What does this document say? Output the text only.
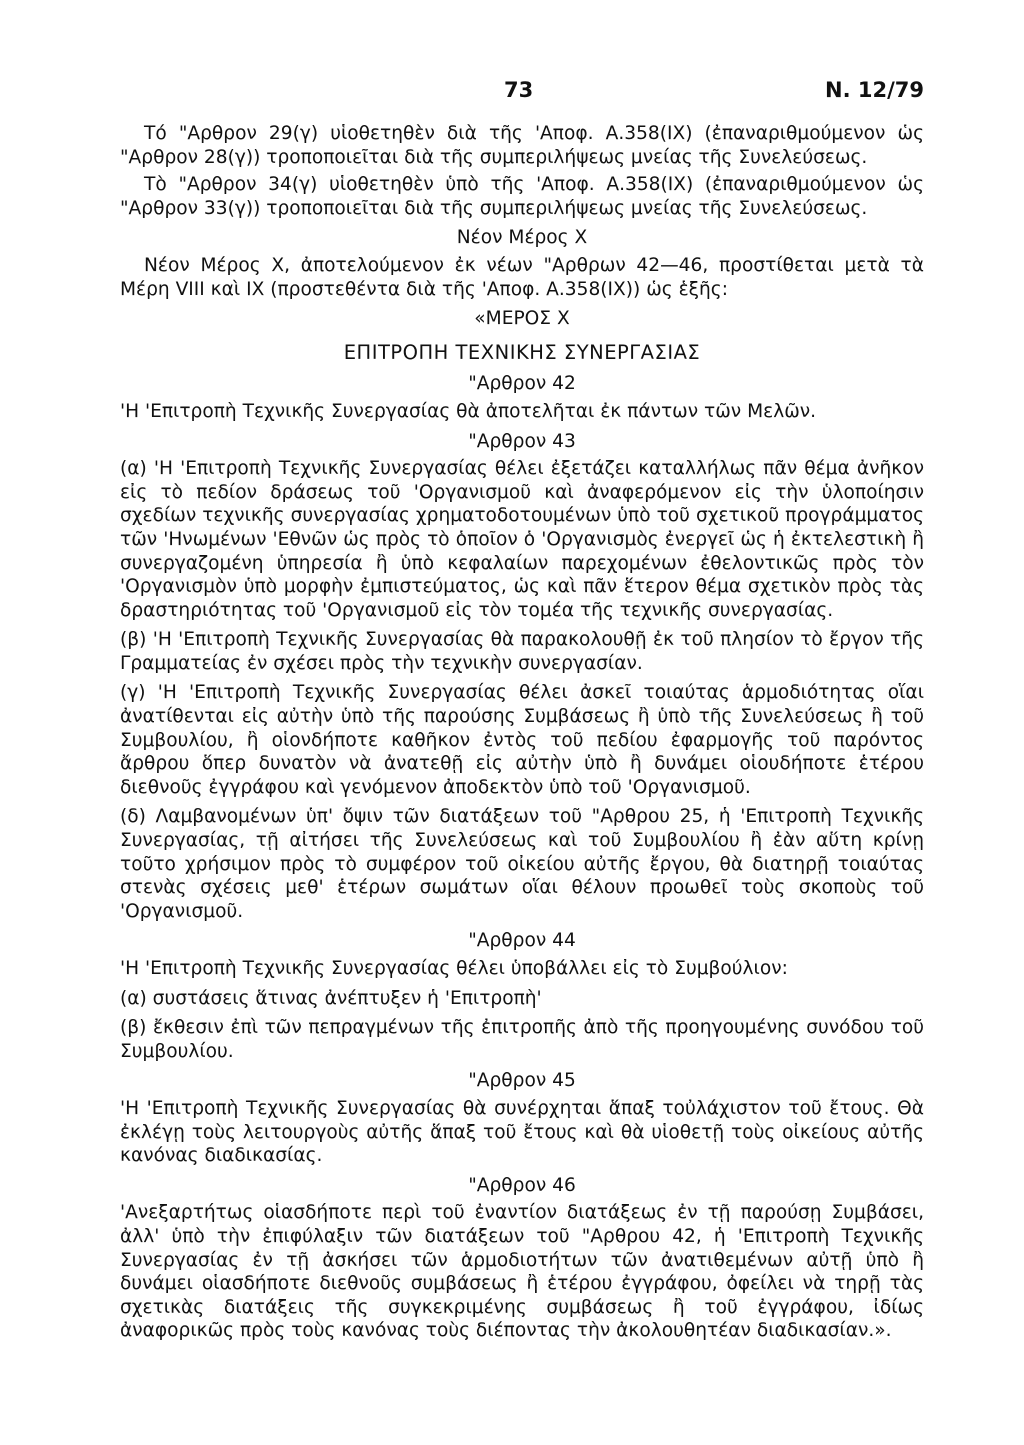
73	Ν. 12/79

Τό "Αρθρον 29(γ) υἱοθετηθὲν διὰ τῆς 'Αποφ. Α.358(ΙΧ) (ἐπαναριθμούμενον ὡς "Αρθρον 28(γ)) τροποποιεῖται διὰ τῆς συμπεριλήψεως μνείας τῆς Συνελεύσεως.

Τὸ "Αρθρον 34(γ) υἱοθετηθὲν ὑπὸ τῆς 'Αποφ. Α.358(ΙΧ) (ἐπαναριθμούμενον ὡς "Αρθρον 33(γ)) τροποποιεῖται διὰ τῆς συμπεριλήψεως μνείας τῆς Συνελεύσεως.

Νέον Μέρος Χ

Νέον Μέρος Χ, ἀποτελούμενον ἐκ νέων "Αρθρων 42—46, προστίθεται μετὰ τὰ Μέρη VIII καὶ ΙΧ (προστεθέντα διὰ τῆς 'Αποφ. Α.358(ΙΧ)) ὡς ἑξῆς:

«ΜΕΡΟΣ Χ
ΕΠΙΤΡΟΠΗ ΤΕΧΝΙΚΗΣ ΣΥΝΕΡΓΑΣΙΑΣ
"Αρθρον 42

'Η 'Επιτροπὴ Τεχνικῆς Συνεργασίας θὰ ἀποτελῆται ἐκ πάντων τῶν Μελῶν.

"Αρθρον 43

(α) 'Η 'Επιτροπὴ Τεχνικῆς Συνεργασίας θέλει ἐξετάζει καταλλήλως πᾶν θέμα ἀνῆκον εἰς τὸ πεδίον δράσεως τοῦ 'Οργανισμοῦ καὶ ἀναφερόμενον εἰς τὴν ὑλοποίησιν σχεδίων τεχνικῆς συνεργασίας χρηματοδοτουμένων ὑπὸ τοῦ σχετικοῦ προγράμματος τῶν 'Ηνωμένων 'Εθνῶν ὡς πρὸς τὸ ὁποῖον ὁ 'Οργανισμὸς ἐνεργεῖ ὡς ἡ ἐκτελεστικὴ ἢ συνεργαζομένη ὑπηρεσία ἢ ὑπὸ κεφαλαίων παρεχομένων ἐθελοντικῶς πρὸς τὸν 'Οργανισμὸν ὑπὸ μορφὴν ἐμπιστεύματος, ὡς καὶ πᾶν ἕτερον θέμα σχετικὸν πρὸς τὰς δραστηριότητας τοῦ 'Οργανισμοῦ εἰς τὸν τομέα τῆς τεχνικῆς συνεργασίας.

(β) 'Η 'Επιτροπὴ Τεχνικῆς Συνεργασίας θὰ παρακολουθῇ ἐκ τοῦ πλησίον τὸ ἔργον τῆς Γραμματείας ἐν σχέσει πρὸς τὴν τεχνικὴν συνεργασίαν.

(γ) 'Η 'Επιτροπὴ Τεχνικῆς Συνεργασίας θέλει ἀσκεῖ τοιαύτας ἁρμοδιότητας οἵαι ἀνατίθενται εἰς αὐτὴν ὑπὸ τῆς παρούσης Συμβάσεως ἢ ὑπὸ τῆς Συνελεύσεως ἢ τοῦ Συμβουλίου, ἢ οἱονδήποτε καθῆκον ἐντὸς τοῦ πεδίου ἐφαρμογῆς τοῦ παρόντος ἄρθρου ὅπερ δυνατὸν νὰ ἀνατεθῇ εἰς αὐτὴν ὑπὸ ἢ δυνάμει οἱουδήποτε ἑτέρου διεθνοῦς ἐγγράφου καὶ γενόμενον ἀποδεκτὸν ὑπὸ τοῦ 'Οργανισμοῦ.

(δ) Λαμβανομένων ὑπ' ὄψιν τῶν διατάξεων τοῦ "Αρθρου 25, ἡ 'Επιτροπὴ Τεχνικῆς Συνεργασίας, τῇ αἰτήσει τῆς Συνελεύσεως καὶ τοῦ Συμβουλίου ἢ ἐὰν αὕτη κρίνῃ τοῦτο χρήσιμον πρὸς τὸ συμφέρον τοῦ οἰκείου αὐτῆς ἔργου, θὰ διατηρῇ τοιαύτας στενὰς σχέσεις μεθ' ἑτέρων σωμάτων οἵαι θέλουν προωθεῖ τοὺς σκοποὺς τοῦ 'Οργανισμοῦ.

"Αρθρον 44

'Η 'Επιτροπὴ Τεχνικῆς Συνεργασίας θέλει ὑποβάλλει εἰς τὸ Συμβούλιον:

(α) συστάσεις ἅτινας ἀνέπτυξεν ἡ 'Επιτροπὴ'

(β) ἔκθεσιν ἐπὶ τῶν πεπραγμένων τῆς ἐπιτροπῆς ἀπὸ τῆς προηγουμένης συνόδου τοῦ Συμβουλίου.

"Αρθρον 45

'Η 'Επιτροπὴ Τεχνικῆς Συνεργασίας θὰ συνέρχηται ἅπαξ τοὐλάχιστον τοῦ ἔτους. Θὰ ἐκλέγῃ τοὺς λειτουργοὺς αὐτῆς ἅπαξ τοῦ ἔτους καὶ θὰ υἱοθετῇ τοὺς οἰκείους αὐτῆς κανόνας διαδικασίας.

"Αρθρον 46

'Ανεξαρτήτως οἱασδήποτε περὶ τοῦ ἐναντίον διατάξεως ἐν τῇ παρούσῃ Συμβάσει, ἀλλ' ὑπὸ τὴν ἐπιφύλαξιν τῶν διατάξεων τοῦ "Αρθρου 42, ἡ 'Επιτροπὴ Τεχνικῆς Συνεργασίας ἐν τῇ ἀσκήσει τῶν ἁρμοδιοτήτων τῶν ἀνατιθεμένων αὐτῇ ὑπὸ ἢ δυνάμει οἱασδήποτε διεθνοῦς συμβάσεως ἢ ἑτέρου ἐγγράφου, ὀφείλει νὰ τηρῇ τὰς σχετικὰς διατάξεις τῆς συγκεκριμένης συμβάσεως ἢ τοῦ ἐγγράφου, ἰδίως ἀναφορικῶς πρὸς τοὺς κανόνας τοὺς διέποντας τὴν ἀκολουθητέαν διαδικασίαν.».
